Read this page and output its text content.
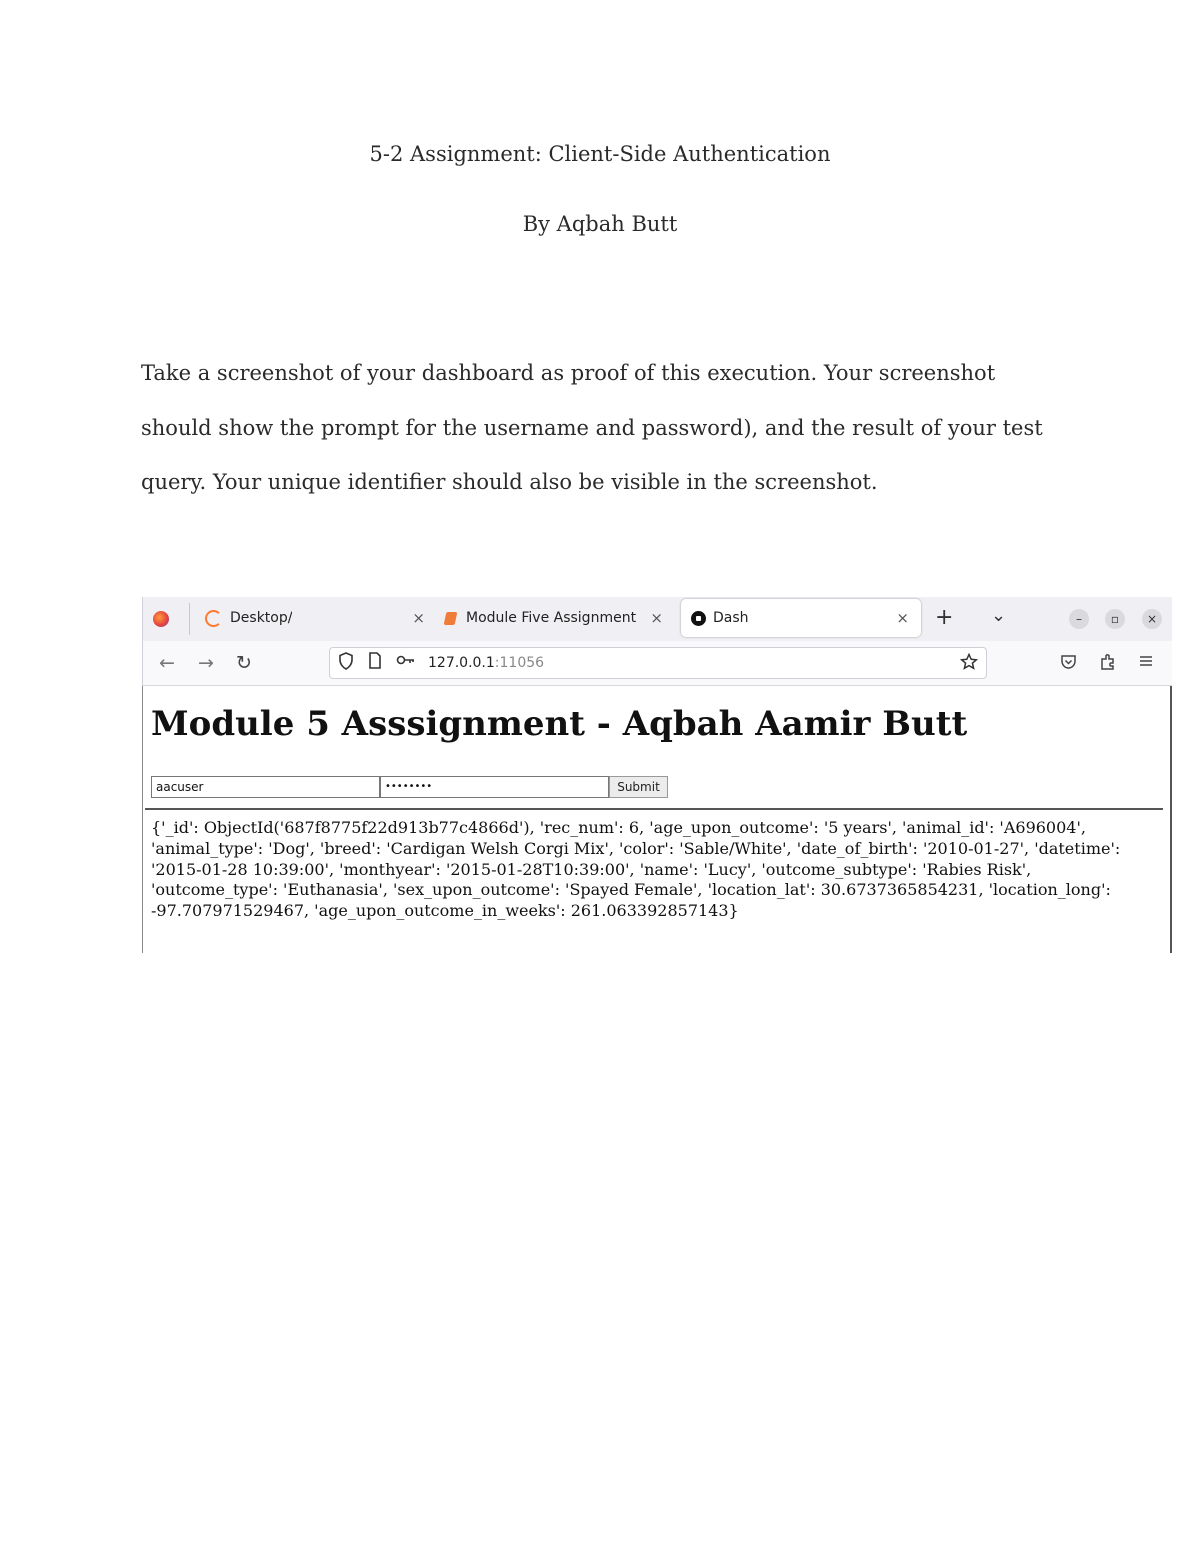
5-2 Assignment: Client-Side Authentication
By Aqbah Butt
Take a screenshot of your dashboard as proof of this execution. Your screenshot should show the prompt for the username and password), and the result of your test query. Your unique identifier should also be visible in the screenshot.
Desktop/	×	Module Five Assignment ×	Dash	× + ⌄	–	▫	×
← → ↻	127.0.0.1:11056
Module 5 Asssignment - Aqbah Aamir Butt
aacuser	••••••••	Submit

{'_id': ObjectId('687f8775f22d913b77c4866d'), 'rec_num': 6, 'age_upon_outcome': '5 years', 'animal_id': 'A696004', 'animal_type': 'Dog', 'breed': 'Cardigan Welsh Corgi Mix', 'color': 'Sable/White', 'date_of_birth': '2010-01-27', 'datetime': '2015-01-28 10:39:00', 'monthyear': '2015-01-28T10:39:00', 'name': 'Lucy', 'outcome_subtype': 'Rabies Risk', 'outcome_type': 'Euthanasia', 'sex_upon_outcome': 'Spayed Female', 'location_lat': 30.6737365854231, 'location_long': -97.707971529467, 'age_upon_outcome_in_weeks': 261.063392857143}
